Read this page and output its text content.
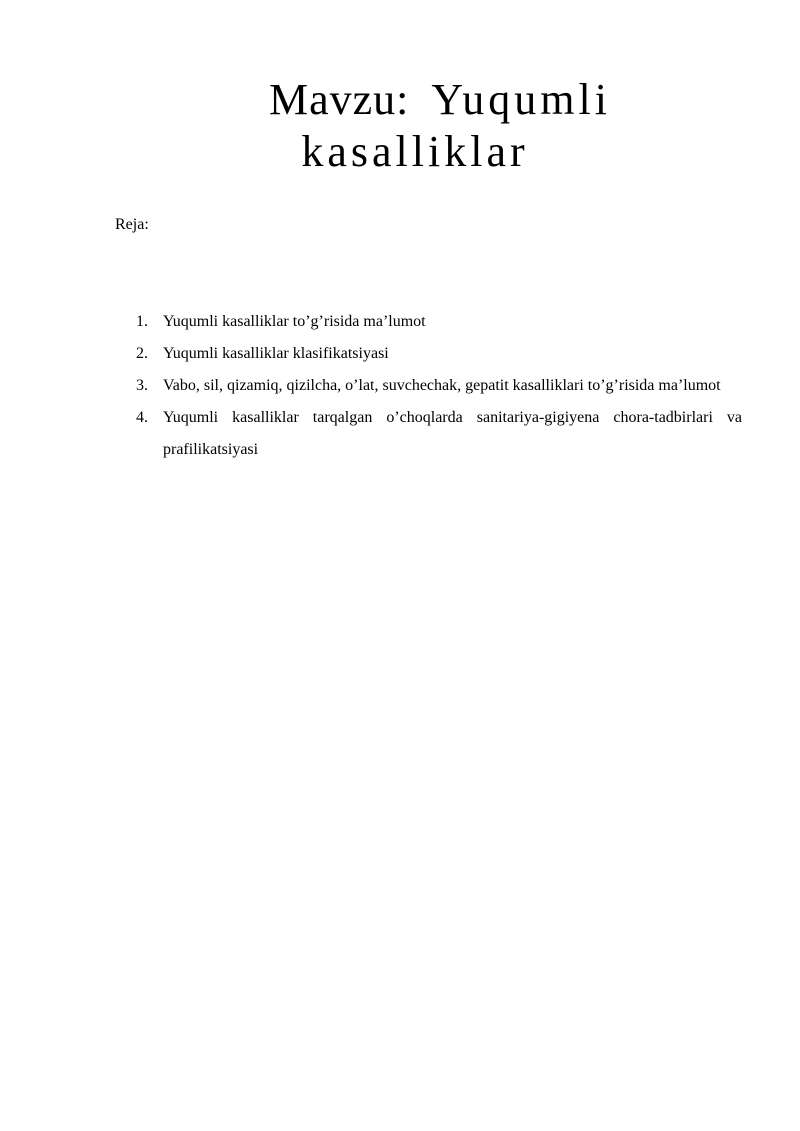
Mavzu: Yuqumli
kasalliklar

Reja:

1. Yuqumli kasalliklar to’g’risida ma’lumot
2. Yuqumli kasalliklar klasifikatsiyasi
3. Vabo, sil, qizamiq, qizilcha, o’lat, suvchechak, gepatit kasalliklari to’g’risida ma’lumot
4. Yuqumli kasalliklar tarqalgan o’choqlarda sanitariya-gigiyena chora-tadbirlari va prafilikatsiyasi
